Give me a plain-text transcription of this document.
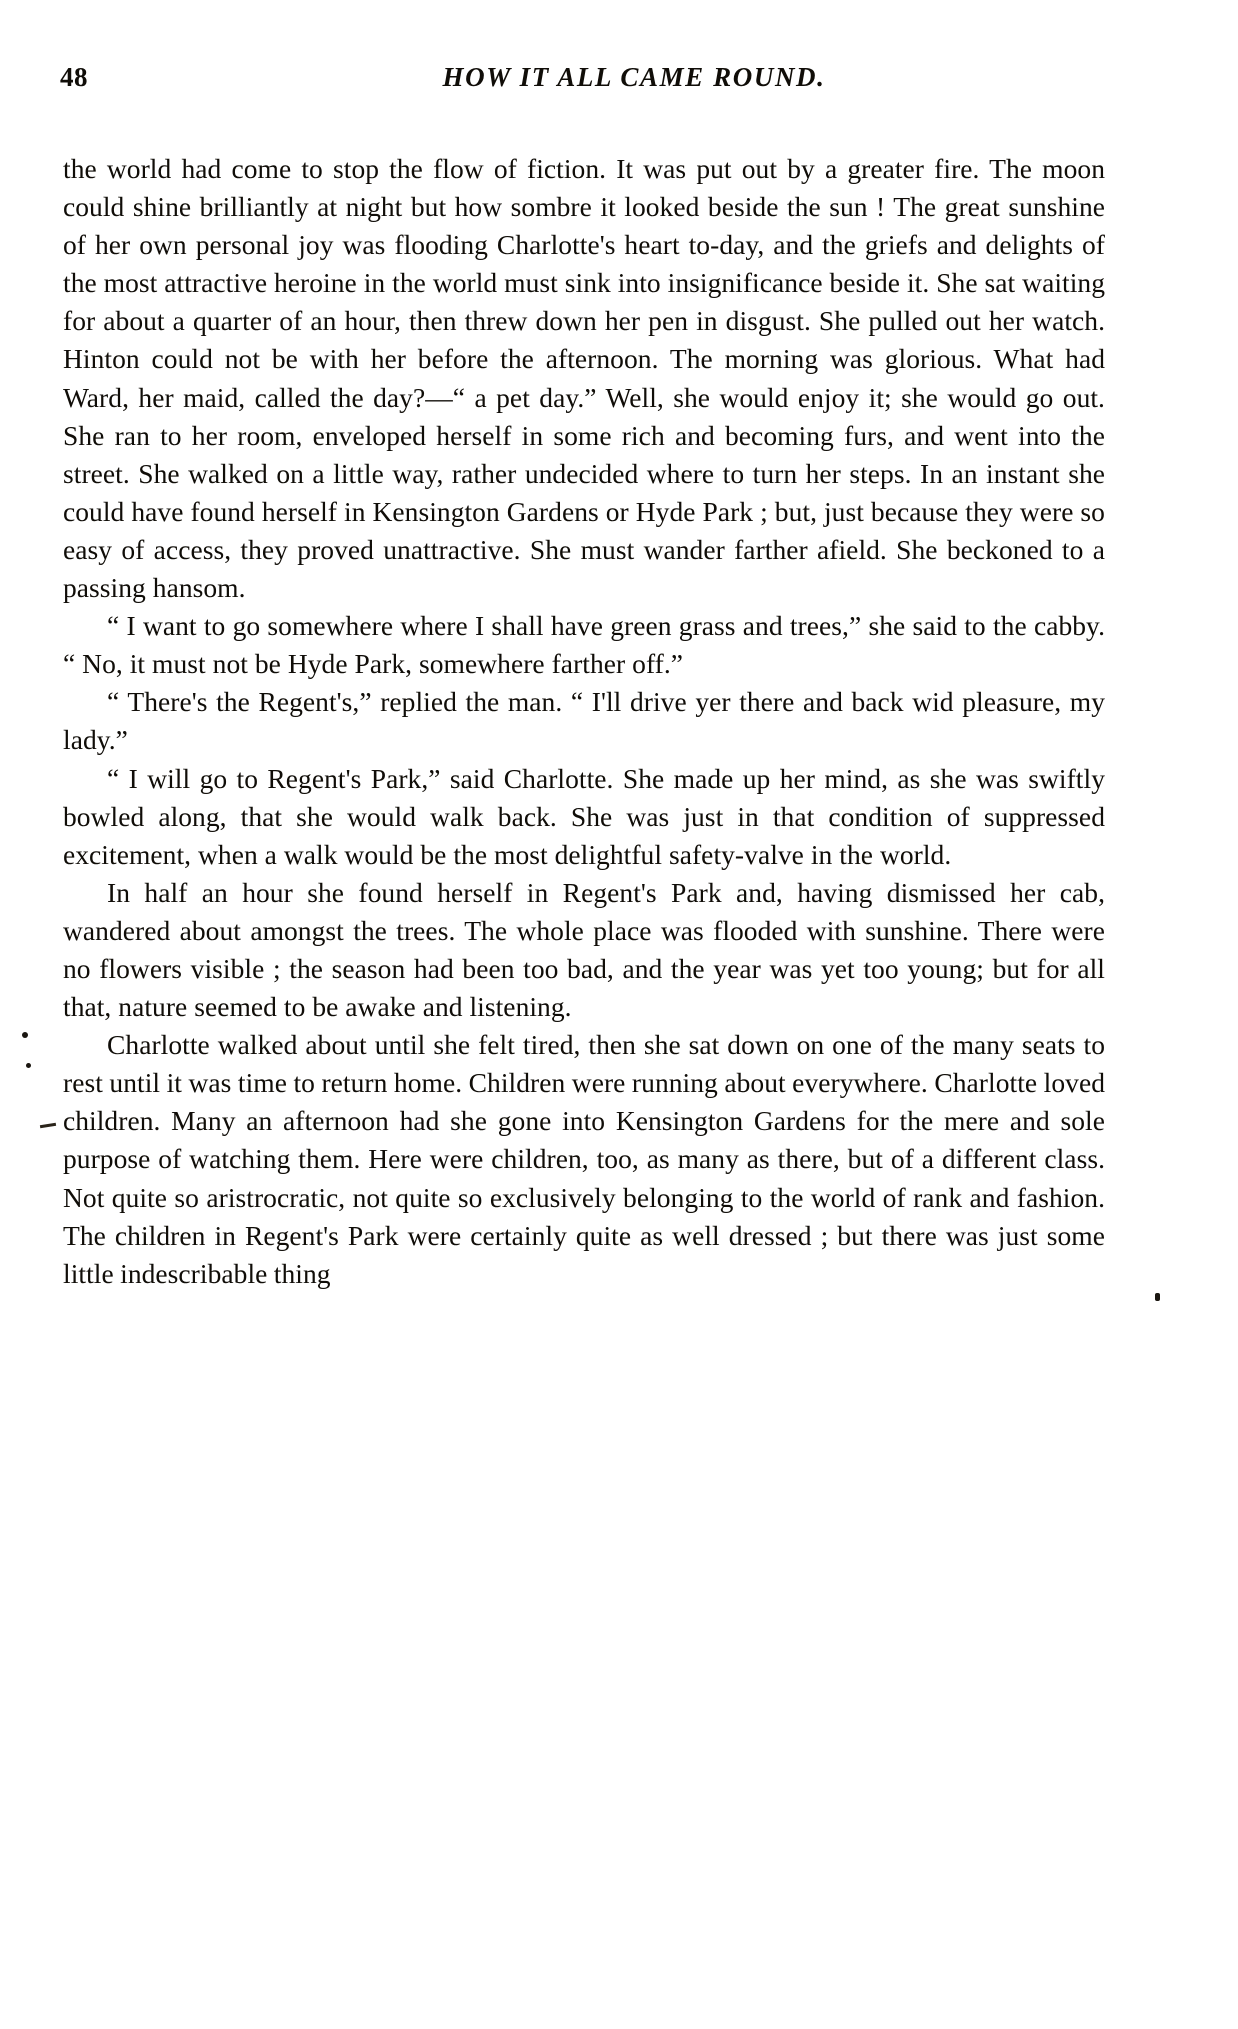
48	HOW IT ALL CAME ROUND.

the world had come to stop the flow of fiction. It was put out by a greater fire. The moon could shine brilliantly at night but how sombre it looked beside the sun ! The great sunshine of her own personal joy was flooding Charlotte's heart to-day, and the griefs and delights of the most attractive heroine in the world must sink into insignificance beside it. She sat waiting for about a quarter of an hour, then threw down her pen in disgust. She pulled out her watch. Hinton could not be with her before the afternoon. The morning was glorious. What had Ward, her maid, called the day?—“ a pet day.” Well, she would enjoy it; she would go out. She ran to her room, enveloped herself in some rich and becoming furs, and went into the street. She walked on a little way, rather undecided where to turn her steps. In an instant she could have found herself in Kensington Gardens or Hyde Park ; but, just because they were so easy of access, they proved unattractive. She must wander farther afield. She beckoned to a passing hansom.

“ I want to go somewhere where I shall have green grass and trees,” she said to the cabby. “ No, it must not be Hyde Park, somewhere farther off.”

“ There's the Regent's,” replied the man. “ I'll drive yer there and back wid pleasure, my lady.”

“ I will go to Regent's Park,” said Charlotte. She made up her mind, as she was swiftly bowled along, that she would walk back. She was just in that condition of suppressed excitement, when a walk would be the most delightful safety-valve in the world.

In half an hour she found herself in Regent's Park and, having dismissed her cab, wandered about amongst the trees. The whole place was flooded with sunshine. There were no flowers visible ; the season had been too bad, and the year was yet too young; but for all that, nature seemed to be awake and listening.

Charlotte walked about until she felt tired, then she sat down on one of the many seats to rest until it was time to return home. Children were running about everywhere. Charlotte loved children. Many an afternoon had she gone into Kensington Gardens for the mere and sole purpose of watching them. Here were children, too, as many as there, but of a different class. Not quite so aristrocratic, not quite so exclusively belonging to the world of rank and fashion. The children in Regent's Park were certainly quite as well dressed ; but there was just some little indescribable thing
